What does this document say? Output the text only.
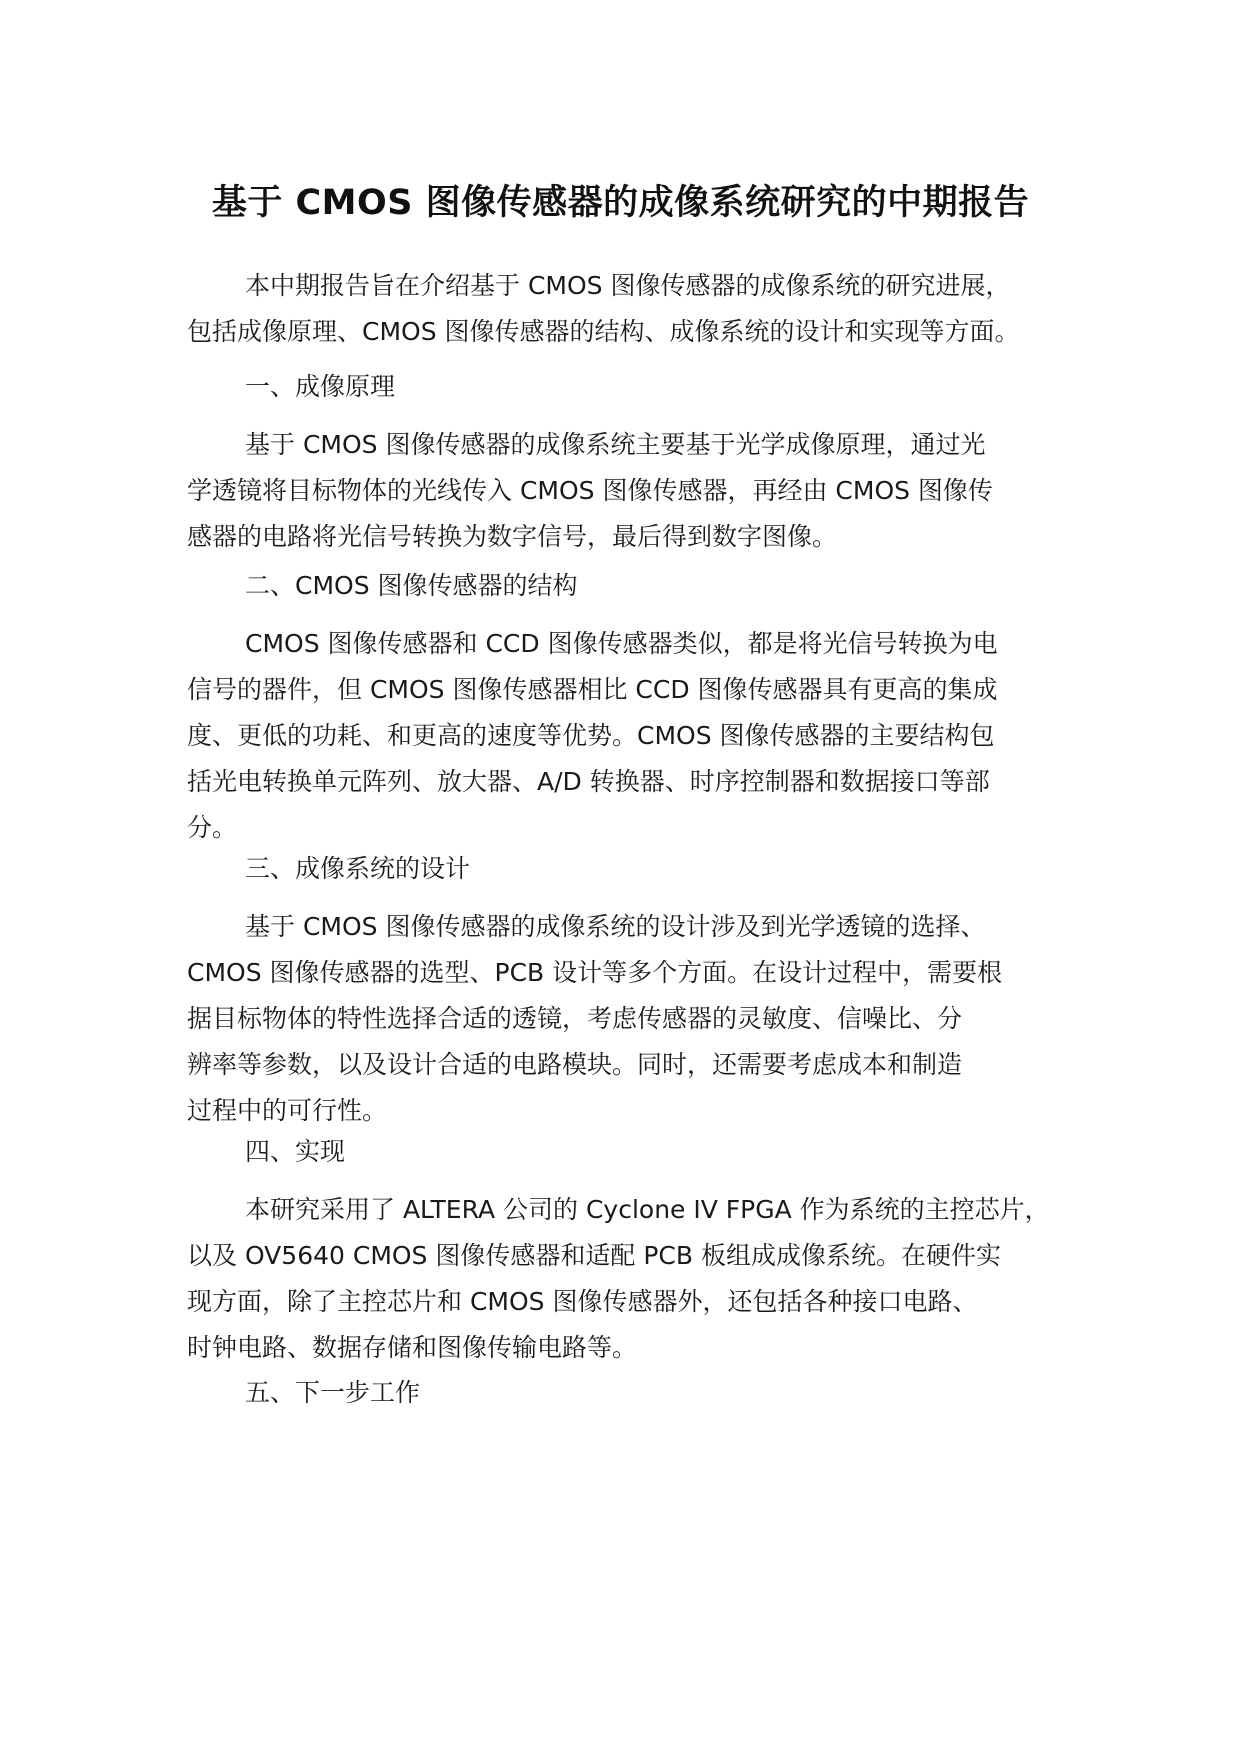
基于 CMOS 图像传感器的成像系统研究的中期报告

本中期报告旨在介绍基于 CMOS 图像传感器的成像系统的研究进展，
包括成像原理、CMOS 图像传感器的结构、成像系统的设计和实现等方面。

一、成像原理

基于 CMOS 图像传感器的成像系统主要基于光学成像原理，通过光
学透镜将目标物体的光线传入 CMOS 图像传感器，再经由 CMOS 图像传
感器的电路将光信号转换为数字信号，最后得到数字图像。

二、CMOS 图像传感器的结构

CMOS 图像传感器和 CCD 图像传感器类似，都是将光信号转换为电
信号的器件，但 CMOS 图像传感器相比 CCD 图像传感器具有更高的集成
度、更低的功耗、和更高的速度等优势。CMOS 图像传感器的主要结构包
括光电转换单元阵列、放大器、A/D 转换器、时序控制器和数据接口等部
分。

三、成像系统的设计

基于 CMOS 图像传感器的成像系统的设计涉及到光学透镜的选择、
CMOS 图像传感器的选型、PCB 设计等多个方面。在设计过程中，需要根
据目标物体的特性选择合适的透镜，考虑传感器的灵敏度、信噪比、分
辨率等参数，以及设计合适的电路模块。同时，还需要考虑成本和制造
过程中的可行性。

四、实现

本研究采用了 ALTERA 公司的 Cyclone IV FPGA 作为系统的主控芯片，
以及 OV5640 CMOS 图像传感器和适配 PCB 板组成成像系统。在硬件实
现方面，除了主控芯片和 CMOS 图像传感器外，还包括各种接口电路、
时钟电路、数据存储和图像传输电路等。

五、下一步工作
